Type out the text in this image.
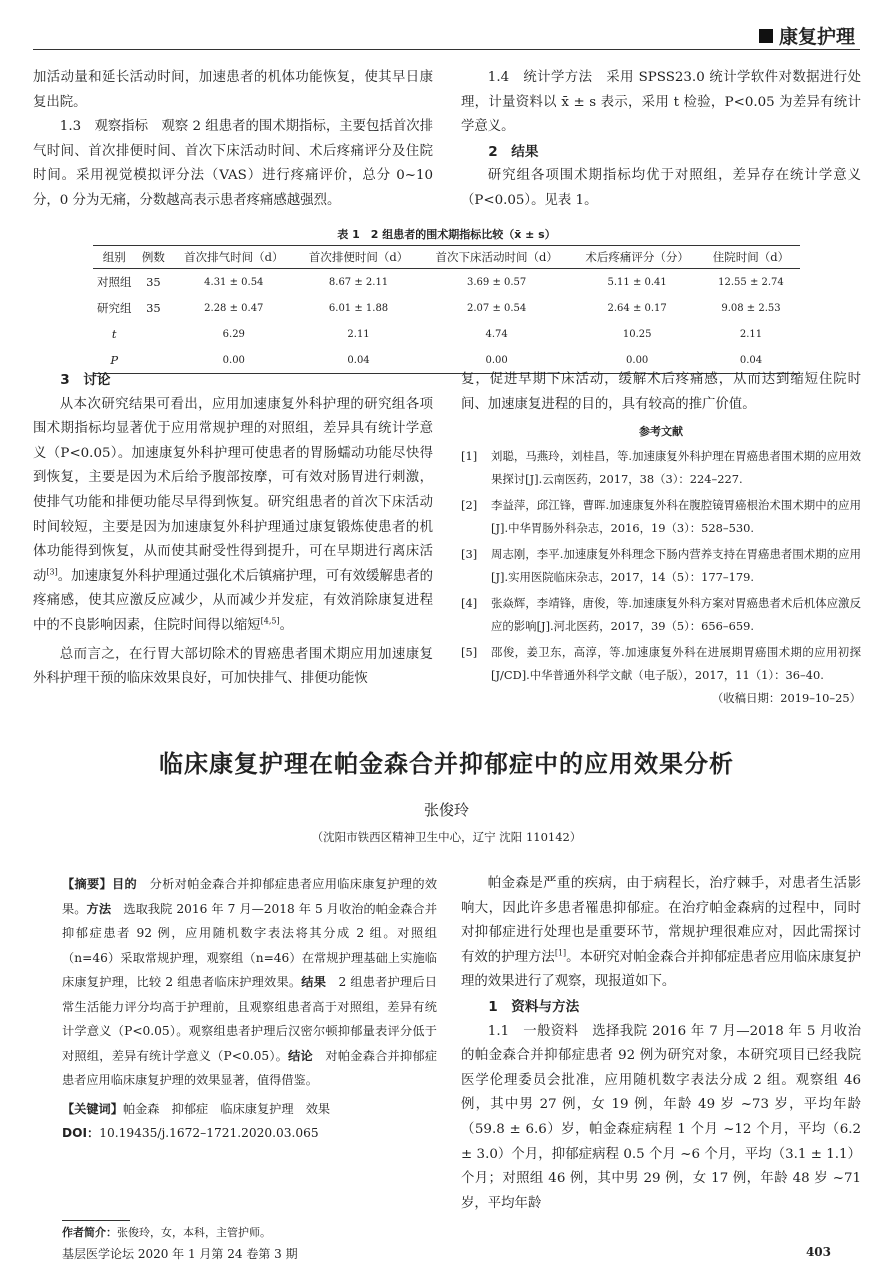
康复护理

加活动量和延长活动时间，加速患者的机体功能恢复，使其早日康复出院。

1.3　观察指标　观察 2 组患者的围术期指标，主要包括首次排气时间、首次排便时间、首次下床活动时间、术后疼痛评分及住院时间。采用视觉模拟评分法（VAS）进行疼痛评价，总分 0~10 分，0 分为无痛，分数越高表示患者疼痛感越强烈。

1.4　统计学方法　采用 SPSS23.0 统计学软件对数据进行处理，计量资料以 x̄ ± s 表示，采用 t 检验，P<0.05 为差异有统计学意义。

2　结果

研究组各项围术期指标均优于对照组，差异存在统计学意义（P<0.05）。见表 1。

表 1　2 组患者的围术期指标比较（x̄ ± s）
组别	例数	首次排气时间（d）	首次排便时间（d）	首次下床活动时间（d）	术后疼痛评分（分）	住院时间（d）
对照组	35	4.31 ± 0.54	8.67 ± 2.11	3.69 ± 0.57	5.11 ± 0.41	12.55 ± 2.74
研究组	35	2.28 ± 0.47	6.01 ± 1.88	2.07 ± 0.54	2.64 ± 0.17	9.08 ± 2.53
t		6.29	2.11	4.74	10.25	2.11
P		0.00	0.04	0.00	0.00	0.04
3　讨论

从本次研究结果可看出，应用加速康复外科护理的研究组各项围术期指标均显著优于应用常规护理的对照组，差异具有统计学意义（P<0.05）。加速康复外科护理可使患者的胃肠蠕动功能尽快得到恢复，主要是因为术后给予腹部按摩，可有效对肠胃进行刺激，使排气功能和排便功能尽早得到恢复。研究组患者的首次下床活动时间较短，主要是因为加速康复外科护理通过康复锻炼使患者的机体功能得到恢复，从而使其耐受性得到提升，可在早期进行离床活动[3]。加速康复外科护理通过强化术后镇痛护理，可有效缓解患者的疼痛感，使其应激反应减少，从而减少并发症，有效消除康复进程中的不良影响因素，住院时间得以缩短[4,5]。

总而言之，在行胃大部切除术的胃癌患者围术期应用加速康复外科护理干预的临床效果良好，可加快排气、排便功能恢

复，促进早期下床活动，缓解术后疼痛感，从而达到缩短住院时间、加速康复进程的目的，具有较高的推广价值。

参考文献
[1]	刘聪，马燕玲，刘桂昌，等.加速康复外科护理在胃癌患者围术期的应用效果探讨[J].云南医药，2017，38（3）：224–227.
[2]	李益萍，邱江锋，曹晖.加速康复外科在腹腔镜胃癌根治术围术期中的应用[J].中华胃肠外科杂志，2016，19（3）：528–530.
[3]	周志刚，李平.加速康复外科理念下肠内营养支持在胃癌患者围术期的应用[J].实用医院临床杂志，2017，14（5）：177–179.
[4]	张焱辉，李靖锋，唐俊，等.加速康复外科方案对胃癌患者术后机体应激反应的影响[J].河北医药，2017，39（5）：656–659.
[5]	邵俊，姜卫东，高淳，等.加速康复外科在进展期胃癌围术期的应用初探[J/CD].中华普通外科学文献（电子版），2017，11（1）：36–40.
（收稿日期：2019–10–25）
临床康复护理在帕金森合并抑郁症中的应用效果分析
张俊玲
（沈阳市铁西区精神卫生中心，辽宁 沈阳 110142）
【摘要】目的　 分析对帕金森合并抑郁症患者应用临床康复护理的效果。方法　 选取我院 2016 年 7 月—2018 年 5 月收治的帕金森合并抑郁症患者 92 例，应用随机数字表法将其分成 2 组。对照组（n=46）采取常规护理，观察组（n=46）在常规护理基础上实施临床康复护理，比较 2 组患者临床护理效果。结果　 2 组患者护理后日常生活能力评分均高于护理前，且观察组患者高于对照组，差异有统计学意义（P<0.05）。观察组患者护理后汉密尔顿抑郁量表评分低于对照组，差异有统计学意义（P<0.05）。结论　 对帕金森合并抑郁症患者应用临床康复护理的效果显著，值得借鉴。
【关键词】帕金森　抑郁症　临床康复护理　效果
DOI：10.19435/j.1672–1721.2020.03.065

帕金森是严重的疾病，由于病程长，治疗棘手，对患者生活影响大，因此许多患者罹患抑郁症。在治疗帕金森病的过程中，同时对抑郁症进行处理也是重要环节，常规护理很难应对，因此需探讨有效的护理方法[1]。本研究对帕金森合并抑郁症患者应用临床康复护理的效果进行了观察，现报道如下。

1　资料与方法

1.1　一般资料　选择我院 2016 年 7 月—2018 年 5 月收治的帕金森合并抑郁症患者 92 例为研究对象，本研究项目已经我院医学伦理委员会批准，应用随机数字表法分成 2 组。观察组 46 例，其中男 27 例，女 19 例，年龄 49 岁 ~73 岁，平均年龄（59.8 ± 6.6）岁，帕金森症病程 1 个月 ~12 个月，平均（6.2 ± 3.0）个月，抑郁症病程 0.5 个月 ~6 个月，平均（3.1 ± 1.1）个月；对照组 46 例，其中男 29 例，女 17 例，年龄 48 岁 ~71 岁，平均年龄

作者简介：张俊玲，女，本科，主管护师。
基层医学论坛 2020 年 1 月第 24 卷第 3 期	403
